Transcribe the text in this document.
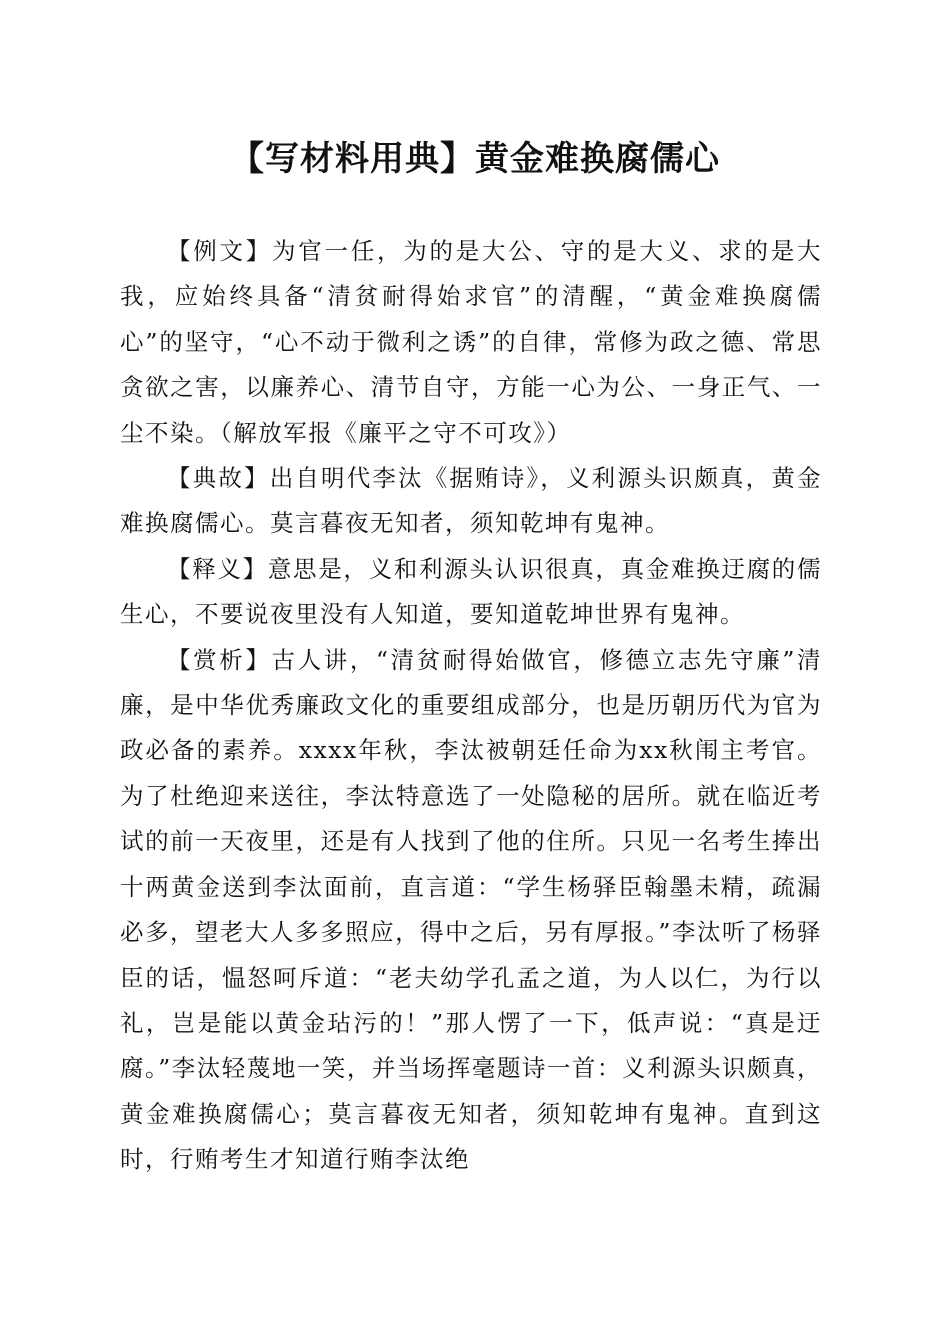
【写材料用典】黄金难换腐儒心

【例文】为官一任，为的是大公、守的是大义、求的是大我，应始终具备“清贫耐得始求官”的清醒，“黄金难换腐儒心”的坚守，“心不动于微利之诱”的自律，常修为政之德、常思贪欲之害，以廉养心、清节自守，方能一心为公、一身正气、一尘不染。（解放军报《廉平之守不可攻》）

【典故】出自明代李汰《据贿诗》，义利源头识颇真，黄金难换腐儒心。莫言暮夜无知者，须知乾坤有鬼神。

【释义】意思是，义和利源头认识很真，真金难换迂腐的儒生心，不要说夜里没有人知道，要知道乾坤世界有鬼神。

【赏析】古人讲，“清贫耐得始做官，修德立志先守廉”清廉，是中华优秀廉政文化的重要组成部分，也是历朝历代为官为政必备的素养。xxxx年秋，李汰被朝廷任命为xx秋闱主考官。为了杜绝迎来送往，李汰特意选了一处隐秘的居所。就在临近考试的前一天夜里，还是有人找到了他的住所。只见一名考生捧出十两黄金送到李汰面前，直言道：“学生杨驿臣翰墨未精，疏漏必多，望老大人多多照应，得中之后，另有厚报。”李汰听了杨驿臣的话，愠怒呵斥道：“老夫幼学孔孟之道，为人以仁，为行以礼，岂是能以黄金玷污的！”那人愣了一下，低声说：“真是迂腐。”李汰轻蔑地一笑，并当场挥毫题诗一首：义利源头识颇真，黄金难换腐儒心；莫言暮夜无知者，须知乾坤有鬼神。直到这时，行贿考生才知道行贿李汰绝
